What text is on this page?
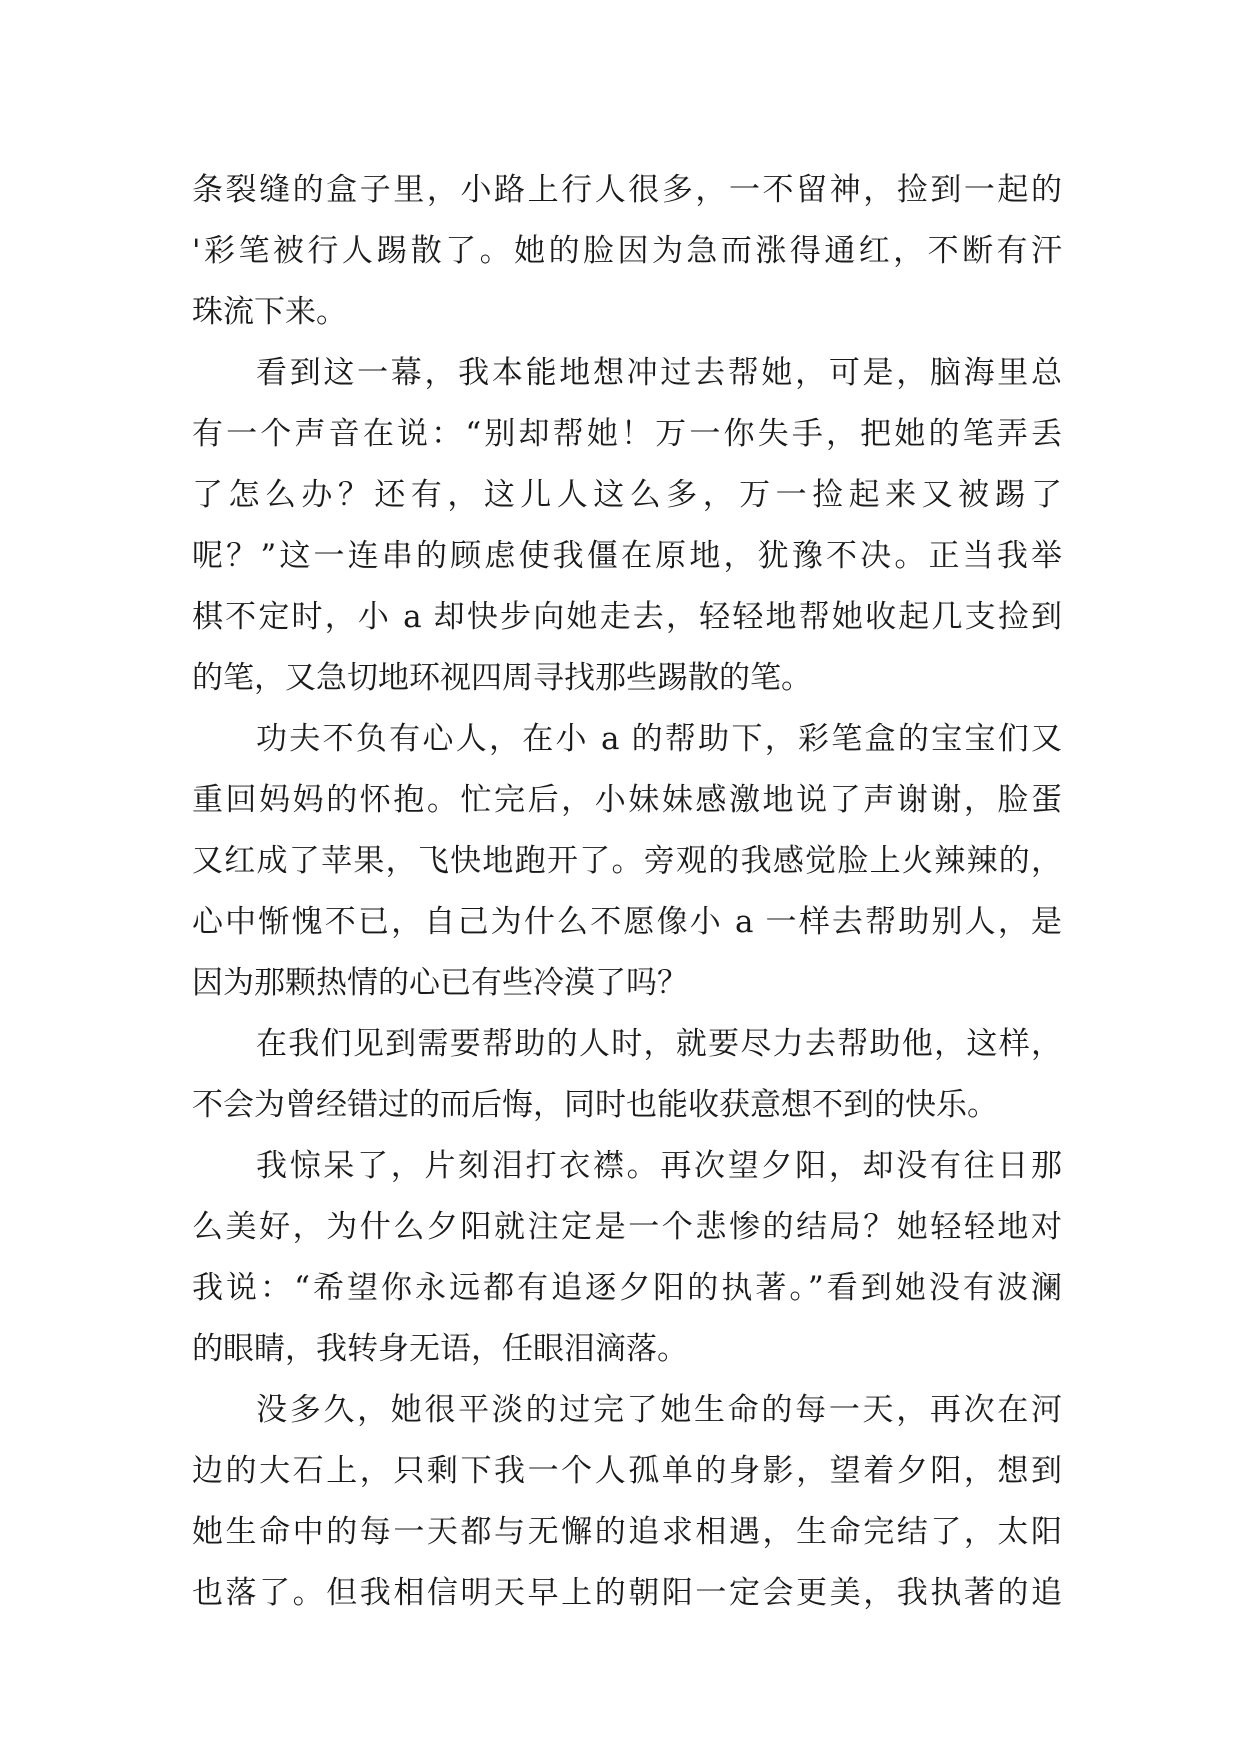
条裂缝的盒子里，小路上行人很多，一不留神，捡到一起的
'彩笔被行人踢散了。她的脸因为急而涨得通红，不断有汗
珠流下来。
看到这一幕，我本能地想冲过去帮她，可是，脑海里总
有一个声音在说：“别却帮她！万一你失手，把她的笔弄丢
了怎么办？还有，这儿人这么多，万一捡起来又被踢了
呢？”这一连串的顾虑使我僵在原地，犹豫不决。正当我举
棋不定时，小 a 却快步向她走去，轻轻地帮她收起几支捡到
的笔，又急切地环视四周寻找那些踢散的笔。
功夫不负有心人，在小 a 的帮助下，彩笔盒的宝宝们又
重回妈妈的怀抱。忙完后，小妹妹感激地说了声谢谢，脸蛋
又红成了苹果，飞快地跑开了。旁观的我感觉脸上火辣辣的，
心中惭愧不已，自己为什么不愿像小 a 一样去帮助别人，是
因为那颗热情的心已有些冷漠了吗？
在我们见到需要帮助的人时，就要尽力去帮助他，这样，
不会为曾经错过的而后悔，同时也能收获意想不到的快乐。
我惊呆了，片刻泪打衣襟。再次望夕阳，却没有往日那
么美好，为什么夕阳就注定是一个悲惨的结局？她轻轻地对
我说：“希望你永远都有追逐夕阳的执著。”看到她没有波澜
的眼睛，我转身无语，任眼泪滴落。
没多久，她很平淡的过完了她生命的每一天，再次在河
边的大石上，只剩下我一个人孤单的身影，望着夕阳，想到
她生命中的每一天都与无懈的追求相遇，生命完结了，太阳
也落了。但我相信明天早上的朝阳一定会更美，我执著的追
